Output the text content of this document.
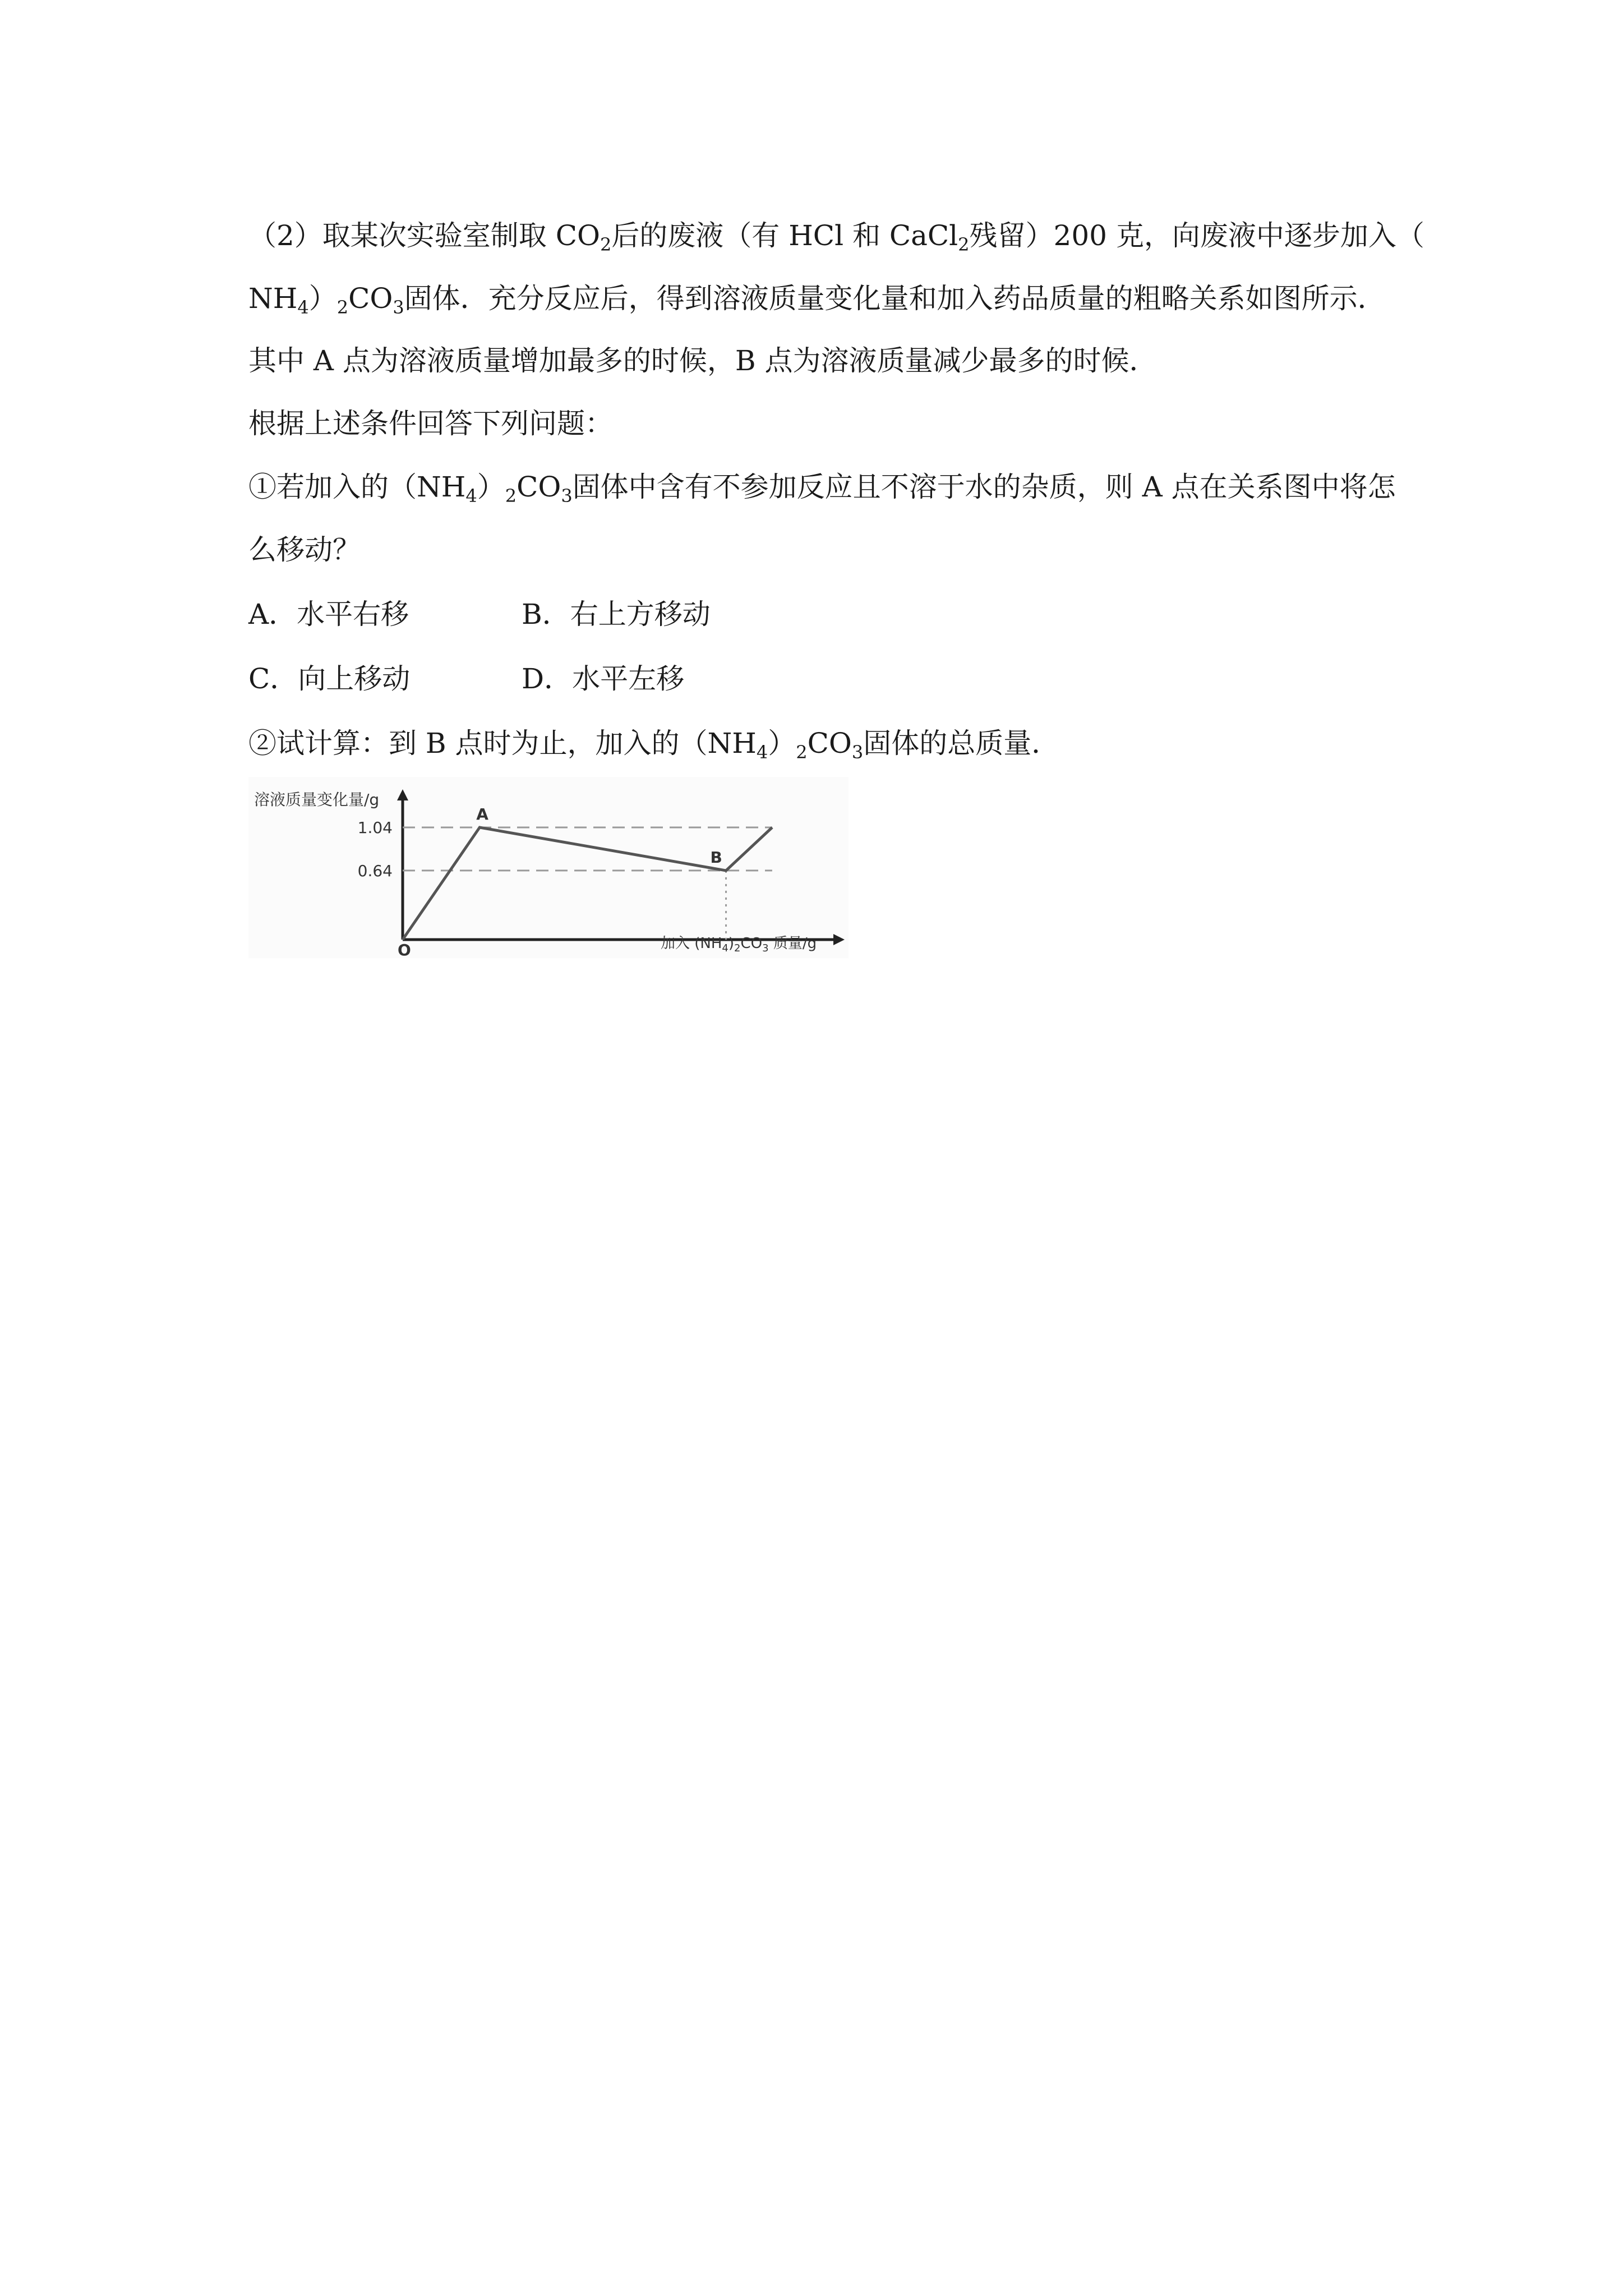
（2）取某次实验室制取 $CO_2$后的废液（有 HCl 和 CaCl$_2$残留）200 克，向废液中逐步加入（
$NH_4)_2CO_3$固体．充分反应后，得到溶液质量变化量和加入药品质量的粗略关系如图所示．
其中 A 点为溶液质量增加最多的时候，B 点为溶液质量减少最多的时候．
根据上述条件回答下列问题：
①若加入的$(NH_4)_2CO_3$固体中含有不参加反应且不溶于水的杂质，则 A 点在关系图中将怎
么移动？
A．水平右移	B．右上方移动
C．向上移动	D．水平左移
②试计算：到 B 点时为止，加入的$(NH_4)_2CO_3$固体的总质量．
溶液质量变化量/g
加入 $(NH_4)_2CO_3$ 质量/g
O
1.04
0.64
A
B
